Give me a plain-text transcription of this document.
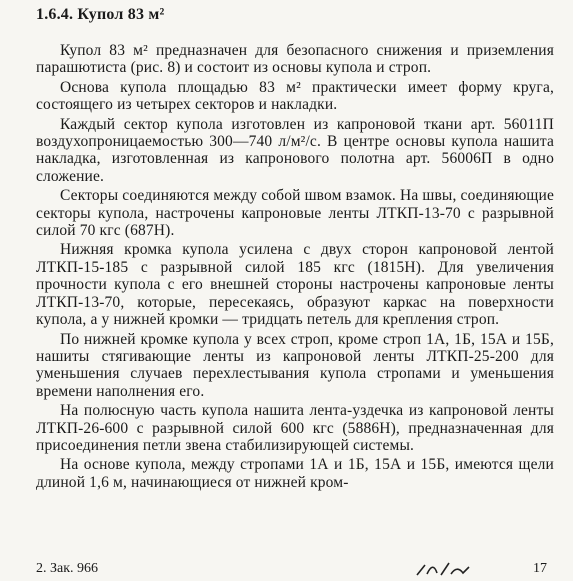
1.6.4. Купол 83 м²

Купол 83 м² предназначен для безопасного снижения и приземления парашютиста (рис. 8) и состоит из основы купола и строп.

Основа купола площадью 83 м² практически имеет форму круга, состоящего из четырех секторов и накладки.

Каждый сектор купола изготовлен из капроновой ткани арт. 56011П воздухопроницаемостью 300—740 л/м²/с. В центре основы купола нашита накладка, изготовленная из капронового полотна арт. 56006П в одно сложение.

Секторы соединяются между собой швом взамок. На швы, соединяющие секторы купола, настрочены капроновые ленты ЛТКП-13-70 с разрывной силой 70 кгс (687Н).

Нижняя кромка купола усилена с двух сторон капроновой лентой ЛТКП-15-185 с разрывной силой 185 кгс (1815Н). Для увеличения прочности купола с его внешней стороны настрочены капроновые ленты ЛТКП-13-70, которые, пересекаясь, образуют каркас на поверхности купола, а у нижней кромки — тридцать петель для крепления строп.

По нижней кромке купола у всех строп, кроме строп 1А, 1Б, 15А и 15Б, нашиты стягивающие ленты из капроновой ленты ЛТКП-25-200 для уменьшения случаев перехлестывания купола стропами и уменьшения времени наполнения его.

На полюсную часть купола нашита лента-уздечка из капроновой ленты ЛТКП-26-600 с разрывной силой 600 кгс (5886Н), предназначенная для присоединения петли звена стабилизирующей системы.

На основе купола, между стропами 1А и 1Б, 15А и 15Б, имеются щели длиной 1,6 м, начинающиеся от нижней кром-

2. Зак. 966	17
